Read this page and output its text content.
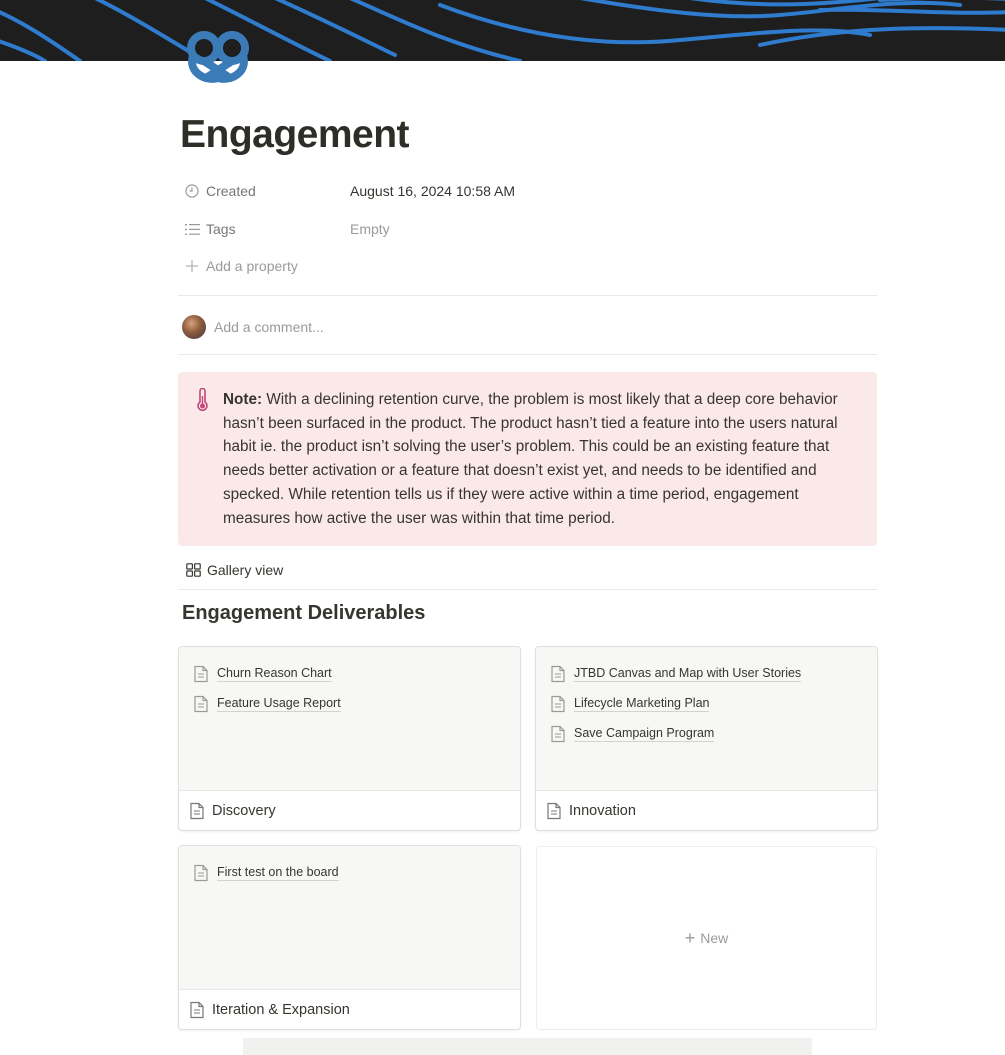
Engagement
Created	August 16, 2024 10:58 AM
Tags	Empty
Add a property
Add a comment...
Note: With a declining retention curve, the problem is most likely that a deep core behavior hasn’t been surfaced in the product. The product hasn’t tied a feature into the users natural habit ie. the product isn’t solving the user’s problem. This could be an existing feature that needs better activation or a feature that doesn’t exist yet, and needs to be identified and specked. While retention tells us if they were active within a time period, engagement measures how active the user was within that time period.
Gallery view
Engagement Deliverables
Churn Reason Chart
Feature Usage Report
Discovery
JTBD Canvas and Map with User Stories
Lifecycle Marketing Plan
Save Campaign Program
Innovation
First test on the board
Iteration & Expansion
+ New
